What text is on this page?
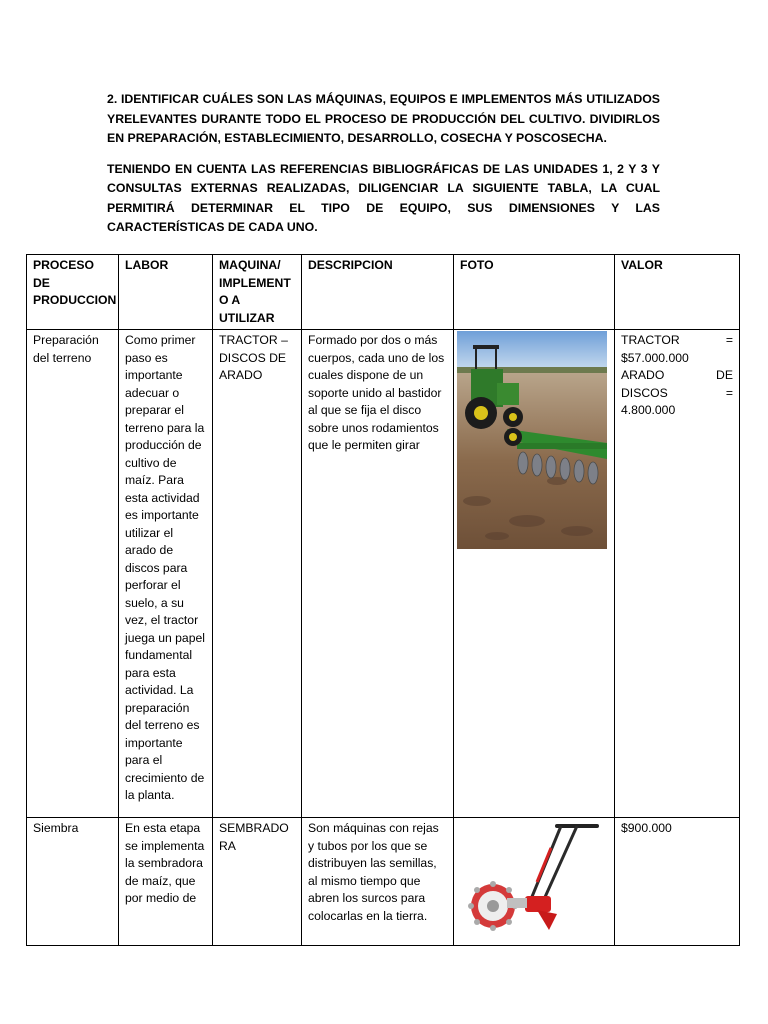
2. IDENTIFICAR CUÁLES SON LAS MÁQUINAS, EQUIPOS E IMPLEMENTOS MÁS UTILIZADOS YRELEVANTES DURANTE TODO EL PROCESO DE PRODUCCIÓN DEL CULTIVO. DIVIDIRLOS EN PREPARACIÓN, ESTABLECIMIENTO, DESARROLLO, COSECHA Y POSCOSECHA.

TENIENDO EN CUENTA LAS REFERENCIAS BIBLIOGRÁFICAS DE LAS UNIDADES 1, 2 Y 3 Y CONSULTAS EXTERNAS REALIZADAS, DILIGENCIAR LA SIGUIENTE TABLA, LA CUAL PERMITIRÁ DETERMINAR EL TIPO DE EQUIPO, SUS DIMENSIONES Y LAS CARACTERÍSTICAS DE CADA UNO.

PROCESO DE PRODUCCION	LABOR	MAQUINA/ IMPLEMENT O A UTILIZAR	DESCRIPCION	FOTO	VALOR
Preparación del terreno	Como primer paso es importante adecuar o preparar el terreno para la producción de cultivo de maíz. Para esta actividad es importante utilizar el arado de discos para perforar el suelo, a su vez, el tractor juega un papel fundamental para esta actividad. La preparación del terreno es importante para el crecimiento de la planta.	TRACTOR – DISCOS DE ARADO	Formado por dos o más cuerpos, cada uno de los cuales dispone de un soporte unido al bastidor al que se fija el disco sobre unos rodamientos que le permiten girar		TRACTOR = $57.000.000
ARADO DE DISCOS = 4.800.000

Siembra	En esta etapa se implementa la sembradora de maíz, que por medio de	SEMBRADORA	Son máquinas con rejas y tubos por los que se distribuyen las semillas, al mismo tiempo que abren los surcos para colocarlas en la tierra.		$900.000
